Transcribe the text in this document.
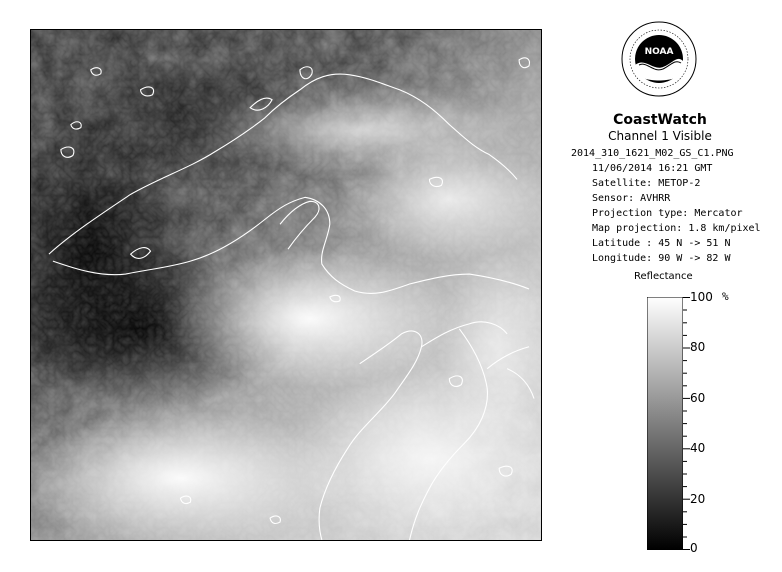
NOAA
CoastWatch
Channel 1 Visible
2014_310_1621_M02_GS_C1.PNG
11/06/2014 16:21 GMT
Satellite: METOP-2
Sensor: AVHRR
Projection type: Mercator
Map projection: 1.8 km/pixel
Latitude : 45 N -> 51 N
Longitude: 90 W -> 82 W
Reflectance
%
100
80
60
40
20
0
